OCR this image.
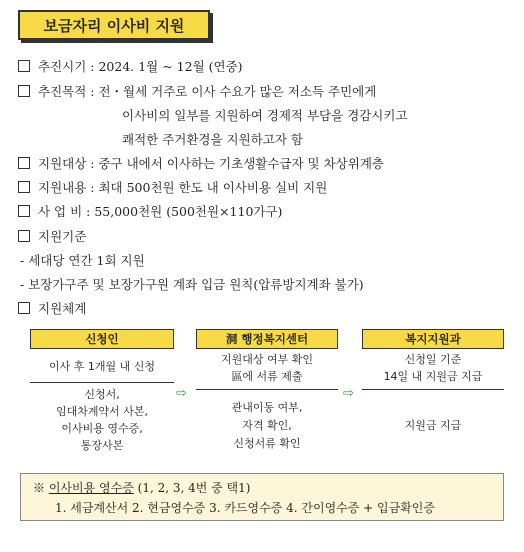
보금자리 이사비 지원
추진시기 : 2024. 1월 ~ 12월 (연중)
추진목적 : 전・월세 거주로 이사 수요가 많은 저소득 주민에게
이사비의 일부를 지원하여 경제적 부담을 경감시키고
쾌적한 주거환경을 지원하고자 함
지원대상 : 중구 내에서 이사하는 기초생활수급자 및 차상위계층
지원내용 : 최대 500천원 한도 내 이사비용 실비 지원
사 업 비 : 55,000천원 (500천원×110가구)
지원기준
- 세대당 연간 1회 지원
- 보장가구주 및 보장가구원 계좌 입금 원칙(압류방지계좌 불가)
지원체계
신청인
이사 후 1개월 내 신청
신청서,
임대차계약서 사본,
이사비용 영수증,
통장사본
⇨
洞 행정복지센터
지원대상 여부 확인
區에 서류 제출
관내이동 여부,
자격 확인,
신청서류 확인
⇨
복지지원과
신청일 기준
14일 내 지원금 지급
지원금 지급
※ 이사비용 영수증 (1, 2, 3, 4번 중 택1)
1. 세금계산서 2. 현금영수증 3. 카드영수증 4. 간이영수증 + 입금확인증
